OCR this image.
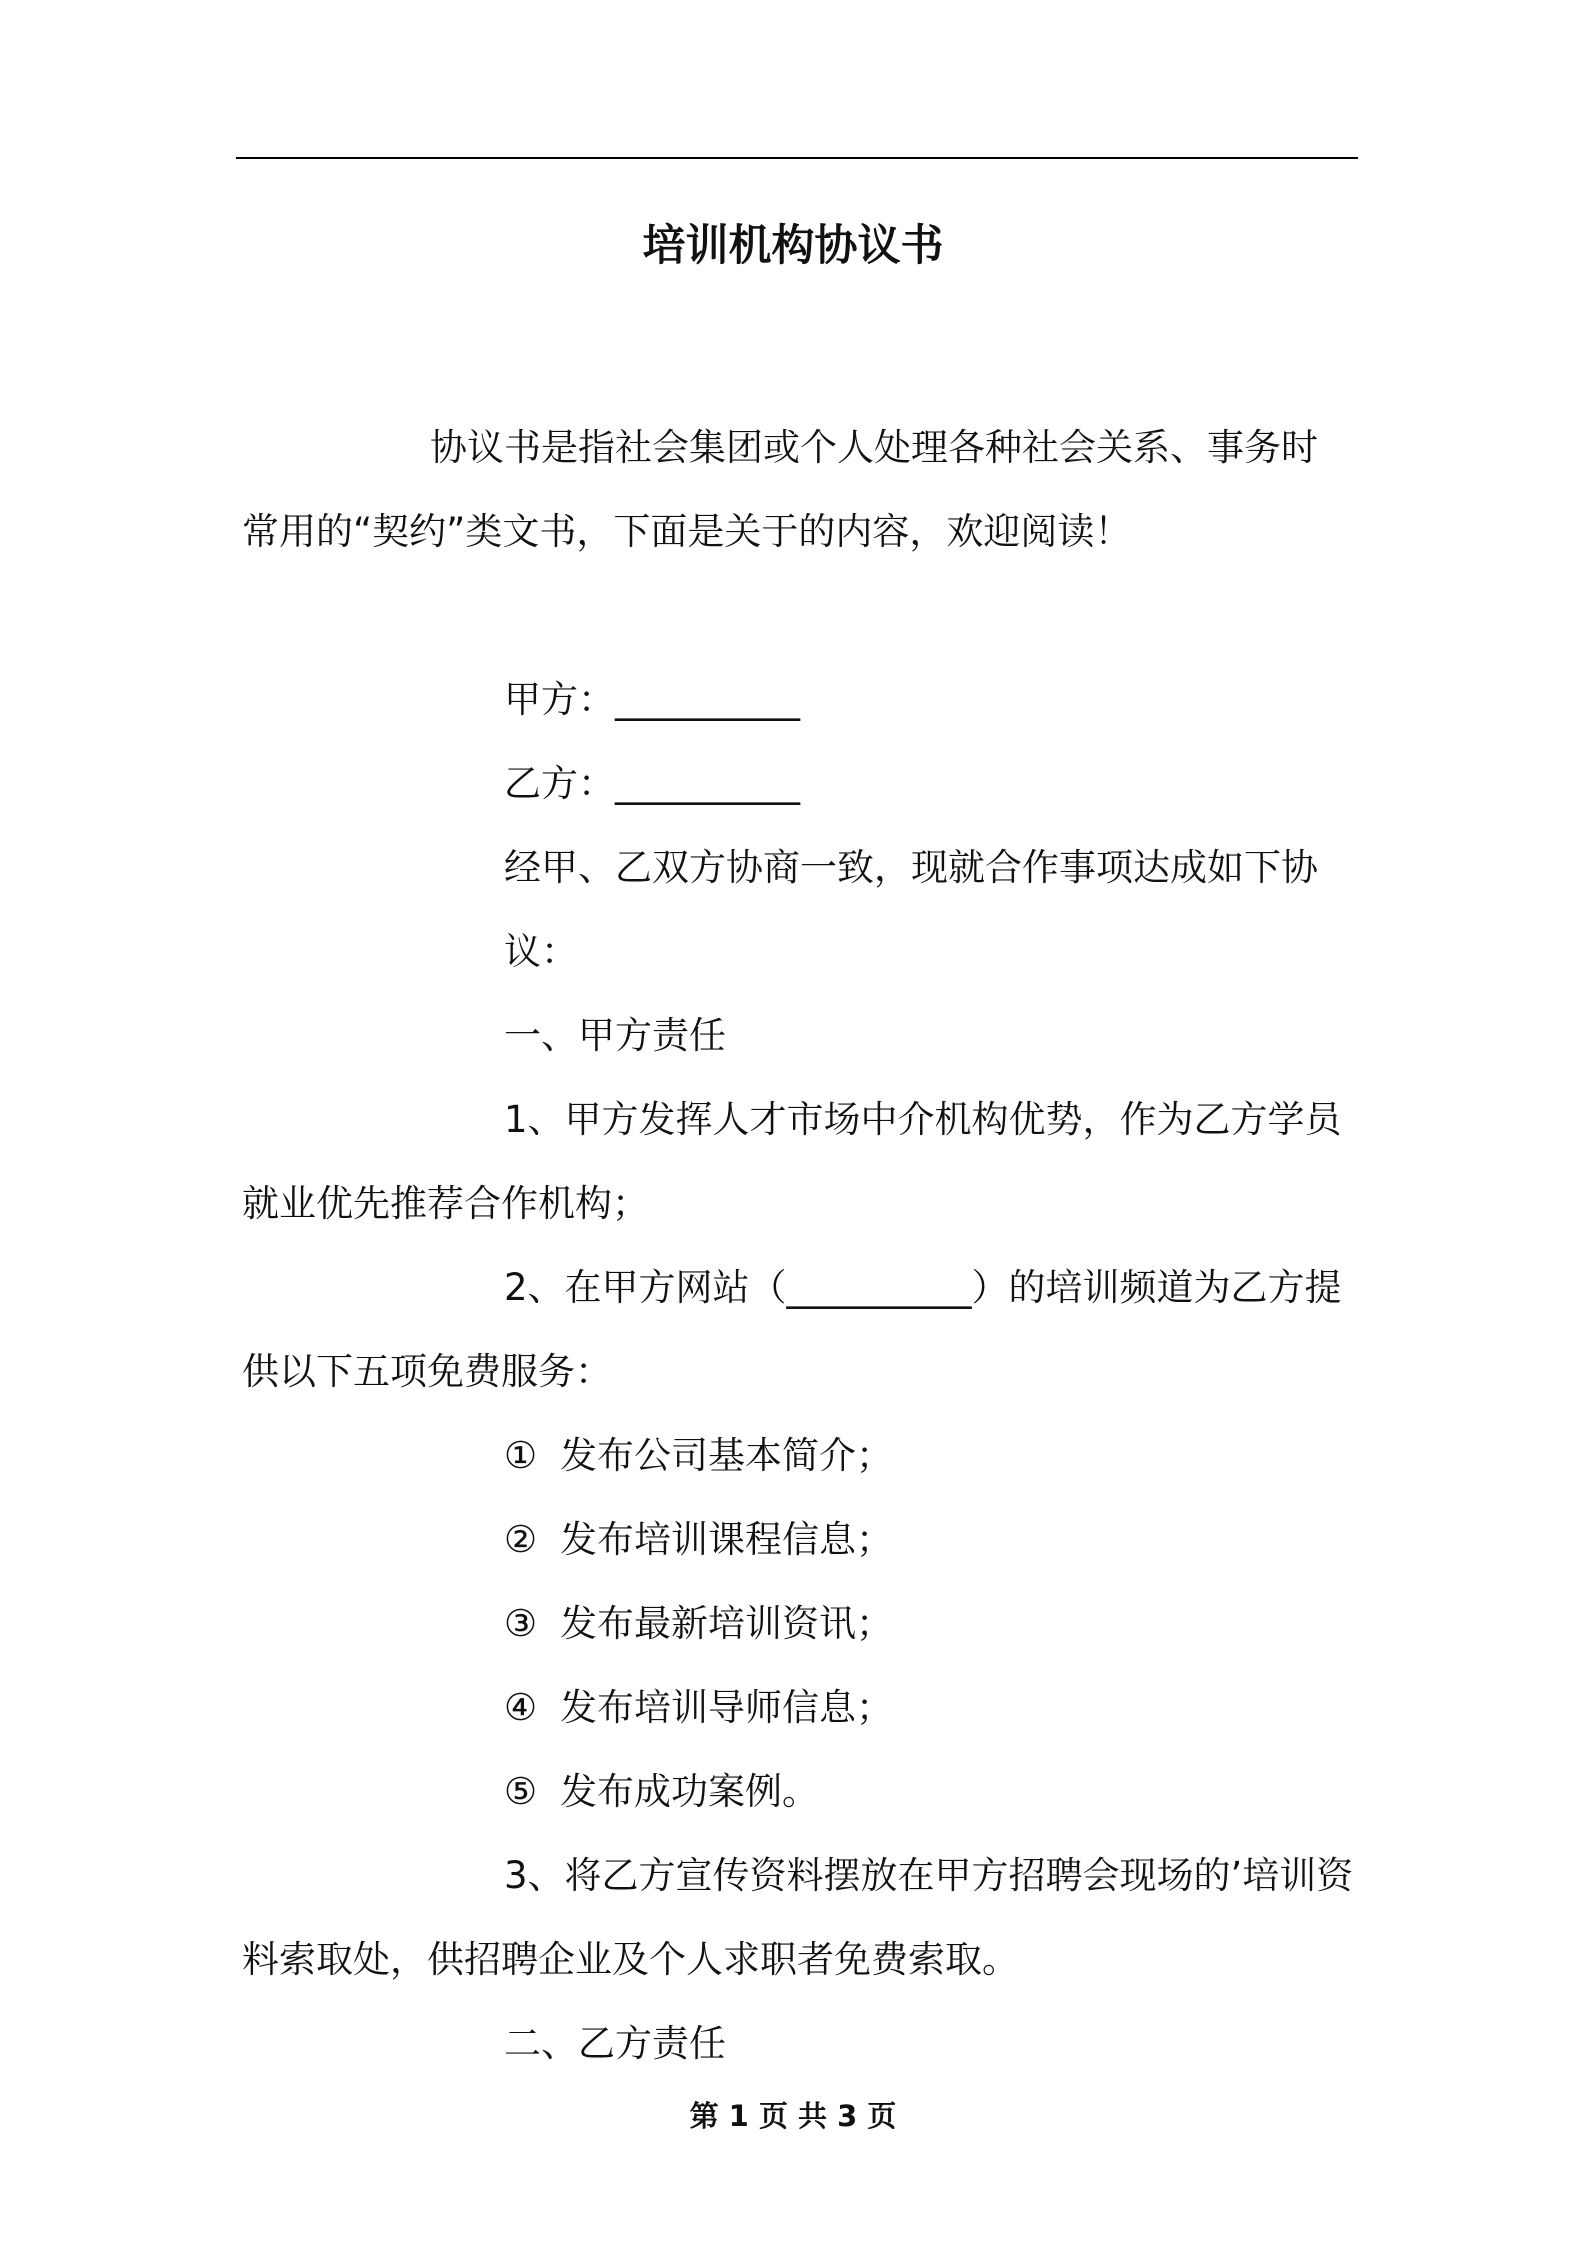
培训机构协议书

协议书是指社会集团或个人处理各种社会关系、事务时常用的“契约”类文书，下面是关于的内容，欢迎阅读！

甲方：__________

乙方：__________

经甲、乙双方协商一致，现就合作事项达成如下协议：

一、甲方责任

1、甲方发挥人才市场中介机构优势，作为乙方学员就业优先推荐合作机构；

2、在甲方网站（__________）的培训频道为乙方提供以下五项免费服务：

① 发布公司基本简介；

② 发布培训课程信息；

③ 发布最新培训资讯；

④ 发布培训导师信息；

⑤ 发布成功案例。

3、将乙方宣传资料摆放在甲方招聘会现场的’培训资料索取处，供招聘企业及个人求职者免费索取。

二、乙方责任

第 1 页 共 3 页
